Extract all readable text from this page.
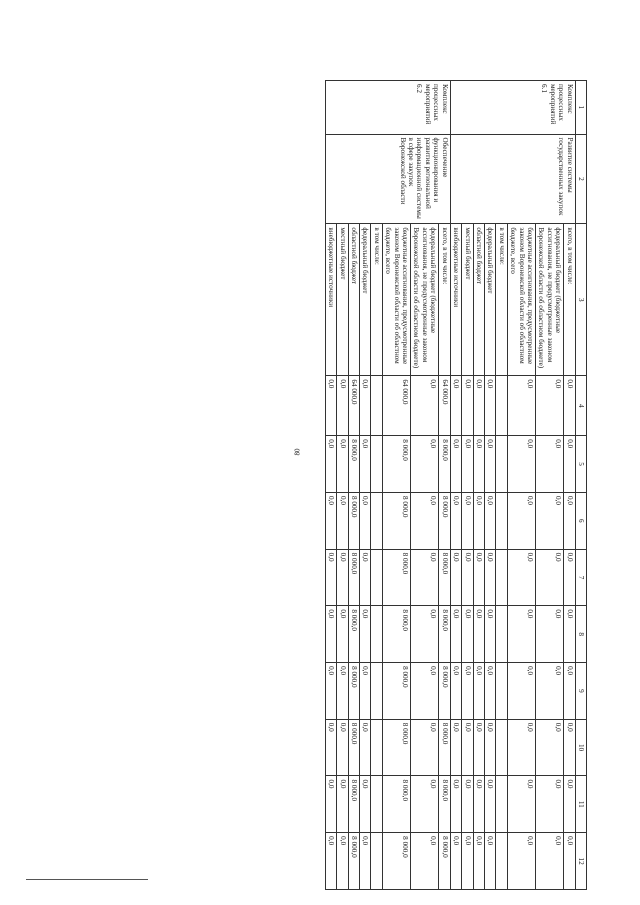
80
1	2	3	4	5	6	7	8	9	10	11	12
Комплекс процессных мероприятий 6.1	Развитие системы государственных закупок	всего, в том числе:	0,0	0,0	0,0	0,0	0,0	0,0	0,0	0,0	0,0
		федеральный бюджет (бюджетные ассигнования, не предусмотренные законом Воронежской области об областном бюджете)	0,0	0,0	0,0	0,0	0,0	0,0	0,0	0,0	0,0
		бюджетные ассигнования, предусмотренные законом Воронежской области об областном бюджете, всего	0,0	0,0	0,0	0,0	0,0	0,0	0,0	0,0	0,0
		в том числе:									
		федеральный бюджет	0,0	0,0	0,0	0,0	0,0	0,0	0,0	0,0	0,0
		областной бюджет	0,0	0,0	0,0	0,0	0,0	0,0	0,0	0,0	0,0
		местный бюджет	0,0	0,0	0,0	0,0	0,0	0,0	0,0	0,0	0,0
		внебюджетные источники	0,0	0,0	0,0	0,0	0,0	0,0	0,0	0,0	0,0
Комплекс процессных мероприятий 6.2	Обеспечение функционирования и развития региональной информационной системы в сфере закупок Воронежской области	всего, в том числе:	64 000,0	8 000,0	8 000,0	8 000,0	8 000,0	8 000,0	8 000,0	8 000,0	8 000,0
		федеральный бюджет (бюджетные ассигнования, не предусмотренные законом Воронежской области об областном бюджете)	0,0	0,0	0,0	0,0	0,0	0,0	0,0	0,0	0,0
		бюджетные ассигнования, предусмотренные законом Воронежской области об областном бюджете, всего	64 000,0	8 000,0	8 000,0	8 000,0	8 000,0	8 000,0	8 000,0	8 000,0	8 000,0
		в том числе:									
		федеральный бюджет	0,0	0,0	0,0	0,0	0,0	0,0	0,0	0,0	0,0
		областной бюджет	64 000,0	8 000,0	8 000,0	8 000,0	8 000,0	8 000,0	8 000,0	8 000,0	8 000,0
		местный бюджет	0,0	0,0	0,0	0,0	0,0	0,0	0,0	0,0	0,0
		внебюджетные источники	0,0	0,0	0,0	0,0	0,0	0,0	0,0	0,0	0,0
